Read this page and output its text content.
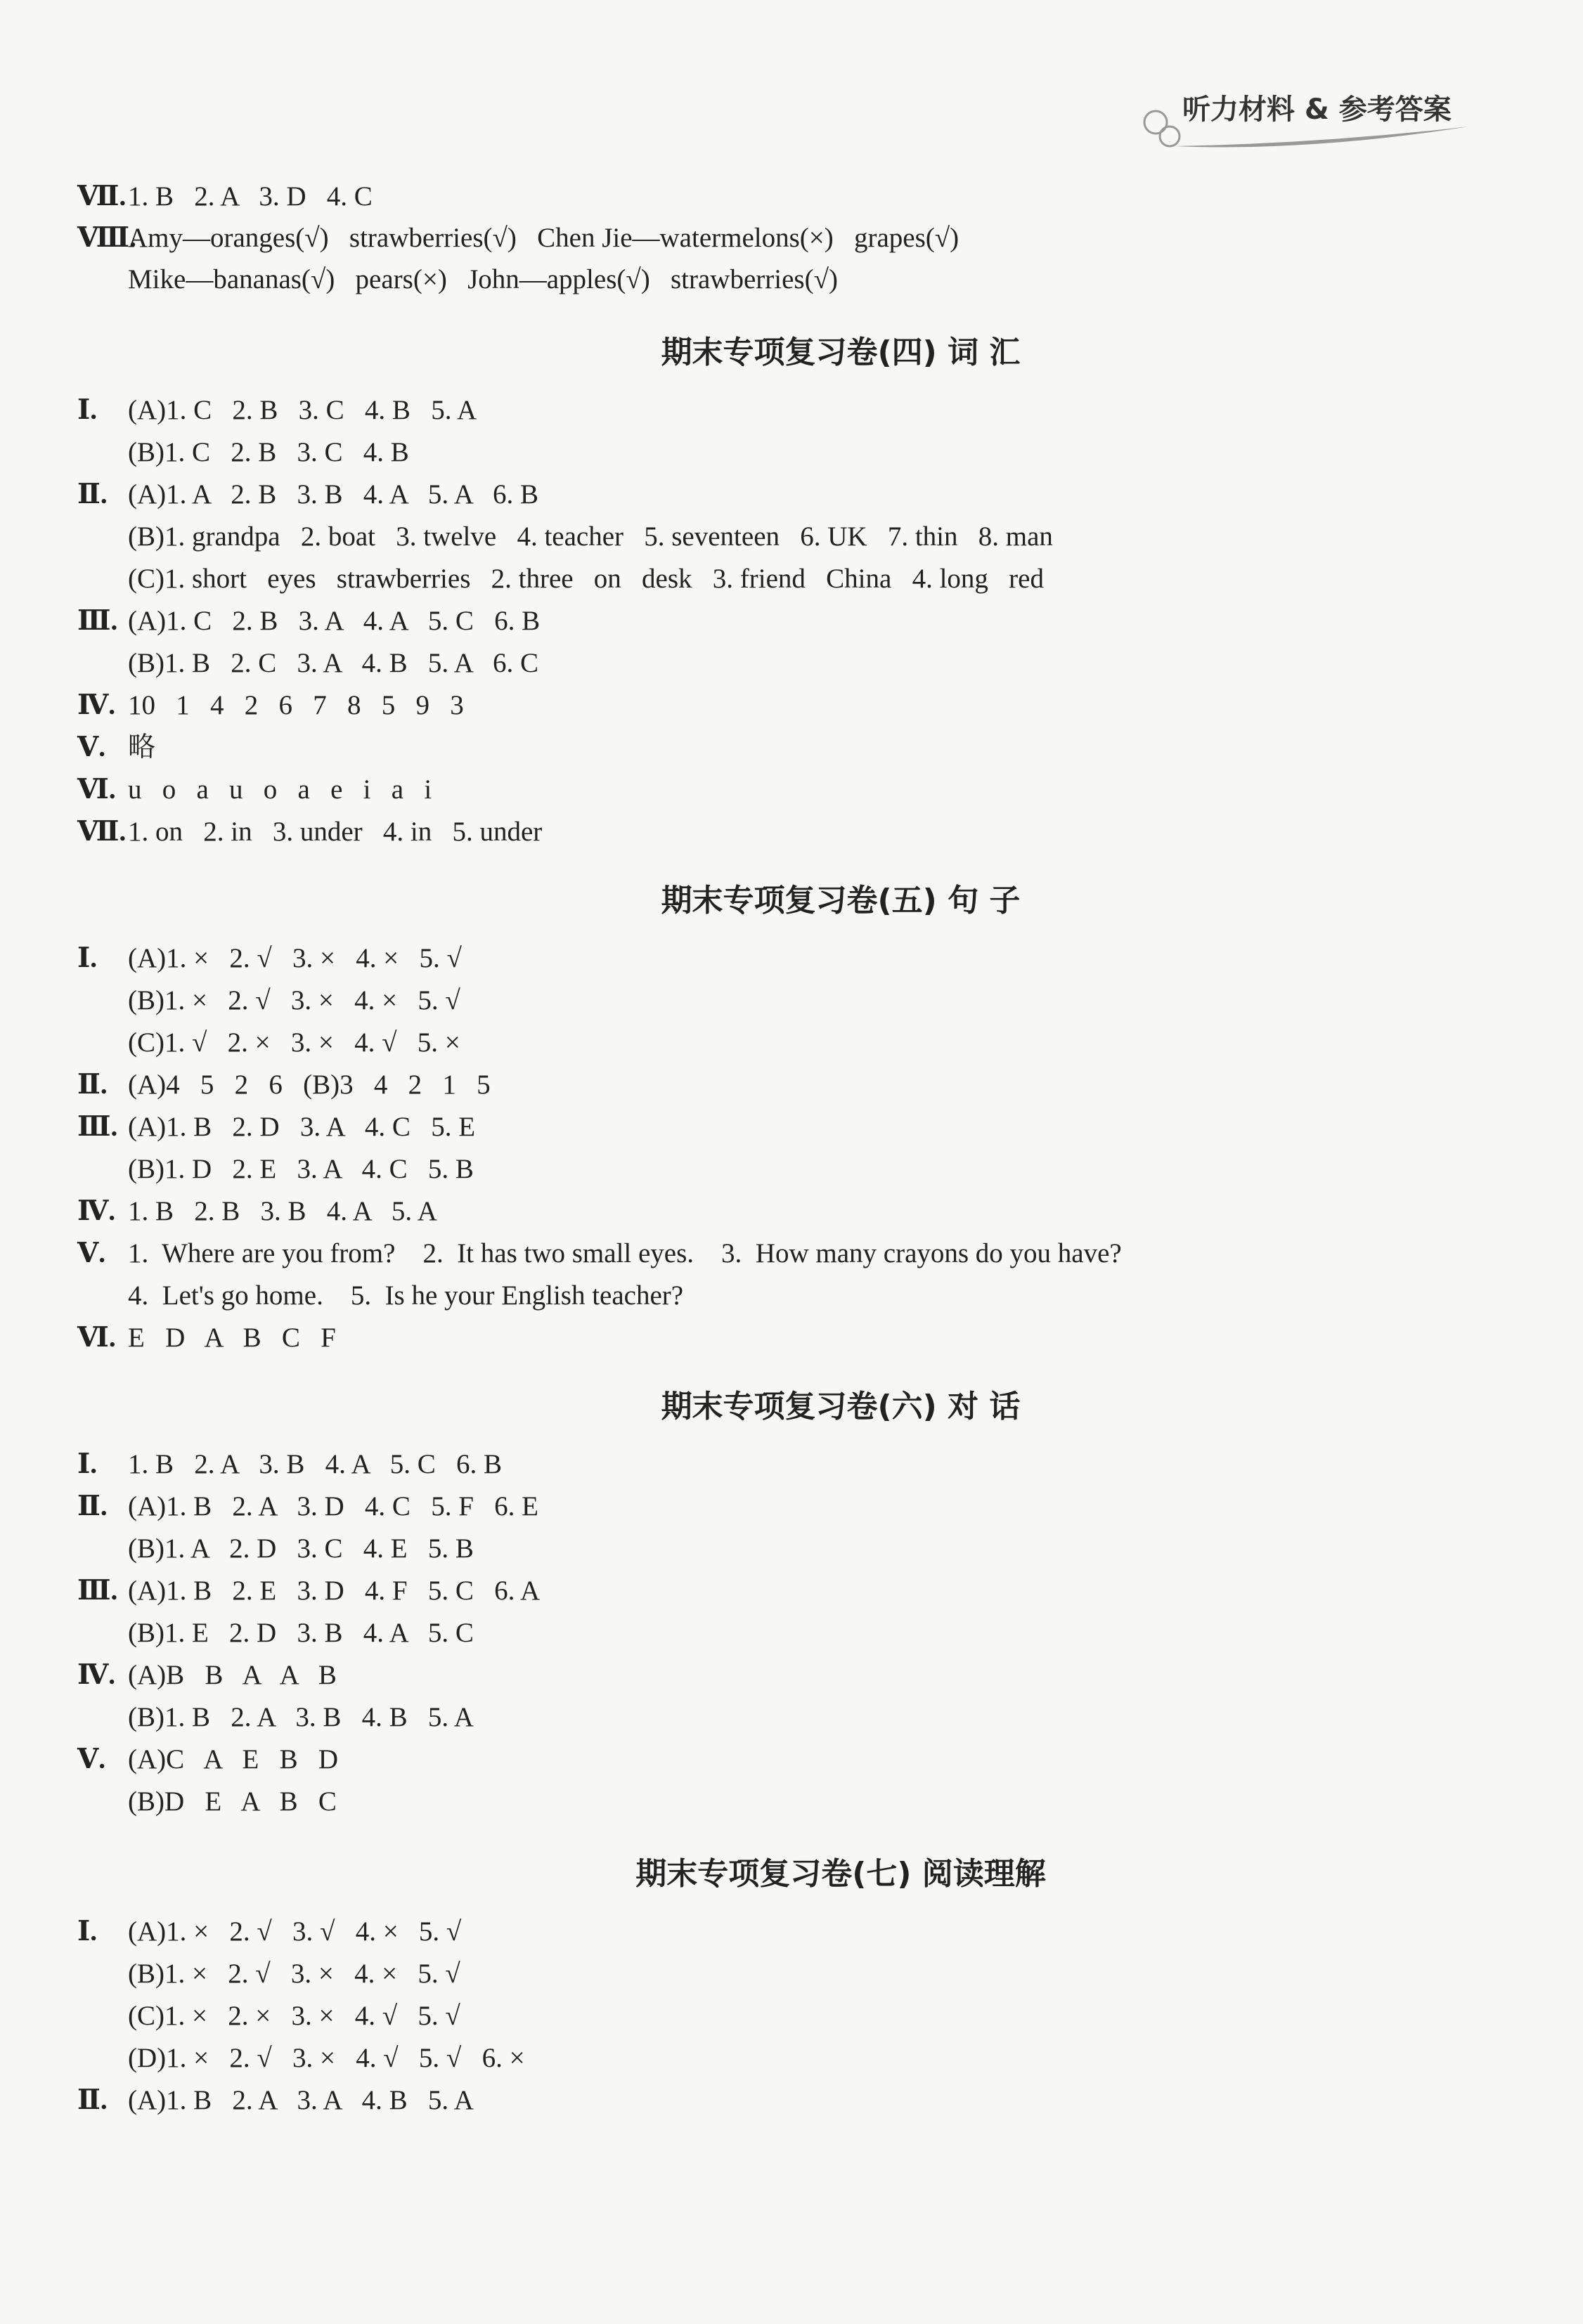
听力材料 & 参考答案
Ⅶ. 1. B   2. A   3. D   4. C
Ⅷ.
Amy—oranges(√)   strawberries(√)   Chen Jie—watermelons(×)   grapes(√)
Mike—bananas(√)   pears(×)   John—apples(√)   strawberries(√)
期末专项复习卷(四) 词 汇
Ⅰ. (A)1. C   2. B   3. C   4. B   5. A
(B)1. C   2. B   3. C   4. B
Ⅱ. (A)1. A   2. B   3. B   4. A   5. A   6. B
(B)1. grandpa   2. boat   3. twelve   4. teacher   5. seventeen   6. UK   7. thin   8. man
(C)1. short   eyes   strawberries   2. three   on   desk   3. friend   China   4. long   red
Ⅲ. (A)1. C   2. B   3. A   4. A   5. C   6. B
(B)1. B   2. C   3. A   4. B   5. A   6. C
Ⅳ. 10   1   4   2   6   7   8   5   9   3
Ⅴ. 略
Ⅵ. u   o   a   u   o   a   e   i   a   i
Ⅶ. 1. on   2. in   3. under   4. in   5. under
期末专项复习卷(五) 句 子
Ⅰ. (A)1. ×   2. √   3. ×   4. ×   5. √
(B)1. ×   2. √   3. ×   4. ×   5. √
(C)1. √   2. ×   3. ×   4. √   5. ×
Ⅱ. (A)4   5   2   6   (B)3   4   2   1   5
Ⅲ. (A)1. B   2. D   3. A   4. C   5. E
(B)1. D   2. E   3. A   4. C   5. B
Ⅳ. 1. B   2. B   3. B   4. A   5. A
Ⅴ. 1.  Where are you from?    2.  It has two small eyes.    3.  How many crayons do you have?
4.  Let's go home.    5.  Is he your English teacher?
Ⅵ. E   D   A   B   C   F
期末专项复习卷(六) 对 话
Ⅰ. 1. B   2. A   3. B   4. A   5. C   6. B
Ⅱ. (A)1. B   2. A   3. D   4. C   5. F   6. E
(B)1. A   2. D   3. C   4. E   5. B
Ⅲ. (A)1. B   2. E   3. D   4. F   5. C   6. A
(B)1. E   2. D   3. B   4. A   5. C
Ⅳ. (A)B   B   A   A   B
(B)1. B   2. A   3. B   4. B   5. A
Ⅴ. (A)C   A   E   B   D
(B)D   E   A   B   C
期末专项复习卷(七) 阅读理解
Ⅰ. (A)1. ×   2. √   3. √   4. ×   5. √
(B)1. ×   2. √   3. ×   4. ×   5. √
(C)1. ×   2. ×   3. ×   4. √   5. √
(D)1. ×   2. √   3. ×   4. √   5. √   6. ×
Ⅱ. (A)1. B   2. A   3. A   4. B   5. A
